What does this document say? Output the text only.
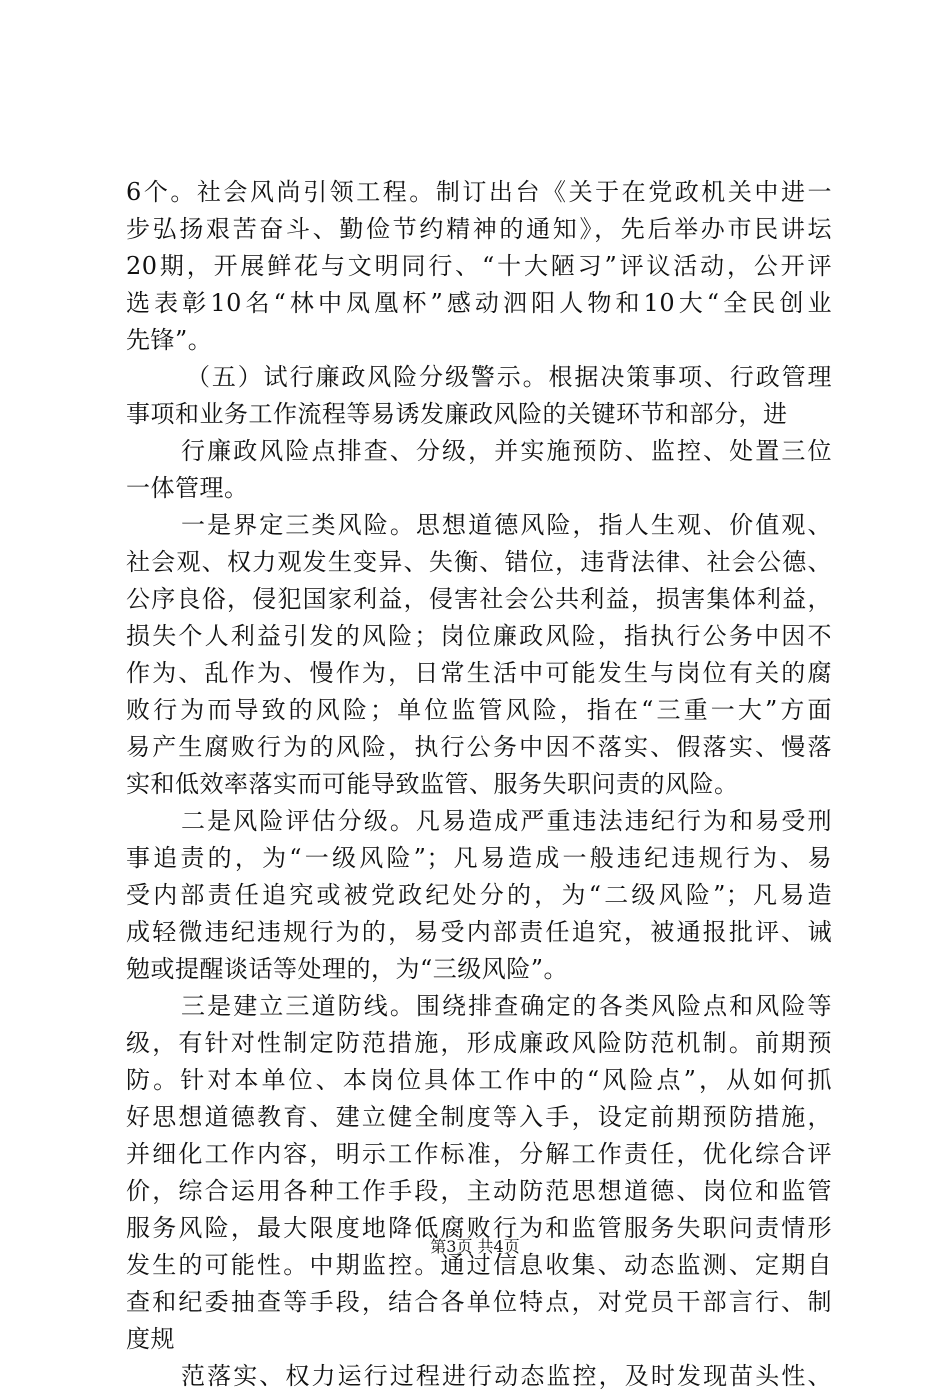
6个。社会风尚引领工程。制订出台《关于在党政机关中进一
步弘扬艰苦奋斗、勤俭节约精神的通知》，先后举办市民讲坛
20期，开展鲜花与文明同行、“十大陋习”评议活动，公开评
选表彰10名“林中凤凰杯”感动泗阳人物和10大“全民创业
先锋”。
（五）试行廉政风险分级警示。根据决策事项、行政管理
事项和业务工作流程等易诱发廉政风险的关键环节和部分，进
行廉政风险点排查、分级，并实施预防、监控、处置三位
一体管理。
一是界定三类风险。思想道德风险，指人生观、价值观、
社会观、权力观发生变异、失衡、错位，违背法律、社会公德、
公序良俗，侵犯国家利益，侵害社会公共利益，损害集体利益，
损失个人利益引发的风险；岗位廉政风险，指执行公务中因不
作为、乱作为、慢作为，日常生活中可能发生与岗位有关的腐
败行为而导致的风险；单位监管风险，指在“三重一大”方面
易产生腐败行为的风险，执行公务中因不落实、假落实、慢落
实和低效率落实而可能导致监管、服务失职问责的风险。
二是风险评估分级。凡易造成严重违法违纪行为和易受刑
事追责的，为“一级风险”；凡易造成一般违纪违规行为、易
受内部责任追究或被党政纪处分的，为“二级风险”；凡易造
成轻微违纪违规行为的，易受内部责任追究，被通报批评、诫
勉或提醒谈话等处理的，为“三级风险”。
三是建立三道防线。围绕排查确定的各类风险点和风险等
级，有针对性制定防范措施，形成廉政风险防范机制。前期预
防。针对本单位、本岗位具体工作中的“风险点”，从如何抓
好思想道德教育、建立健全制度等入手，设定前期预防措施，
并细化工作内容，明示工作标准，分解工作责任，优化综合评
价，综合运用各种工作手段，主动防范思想道德、岗位和监管
服务风险，最大限度地降低腐败行为和监管服务失职问责情形
发生的可能性。中期监控。通过信息收集、动态监测、定期自
查和纪委抽查等手段，结合各单位特点，对党员干部言行、制
度规
范落实、权力运行过程进行动态监控，及时发现苗头性、
第3页 共4页
